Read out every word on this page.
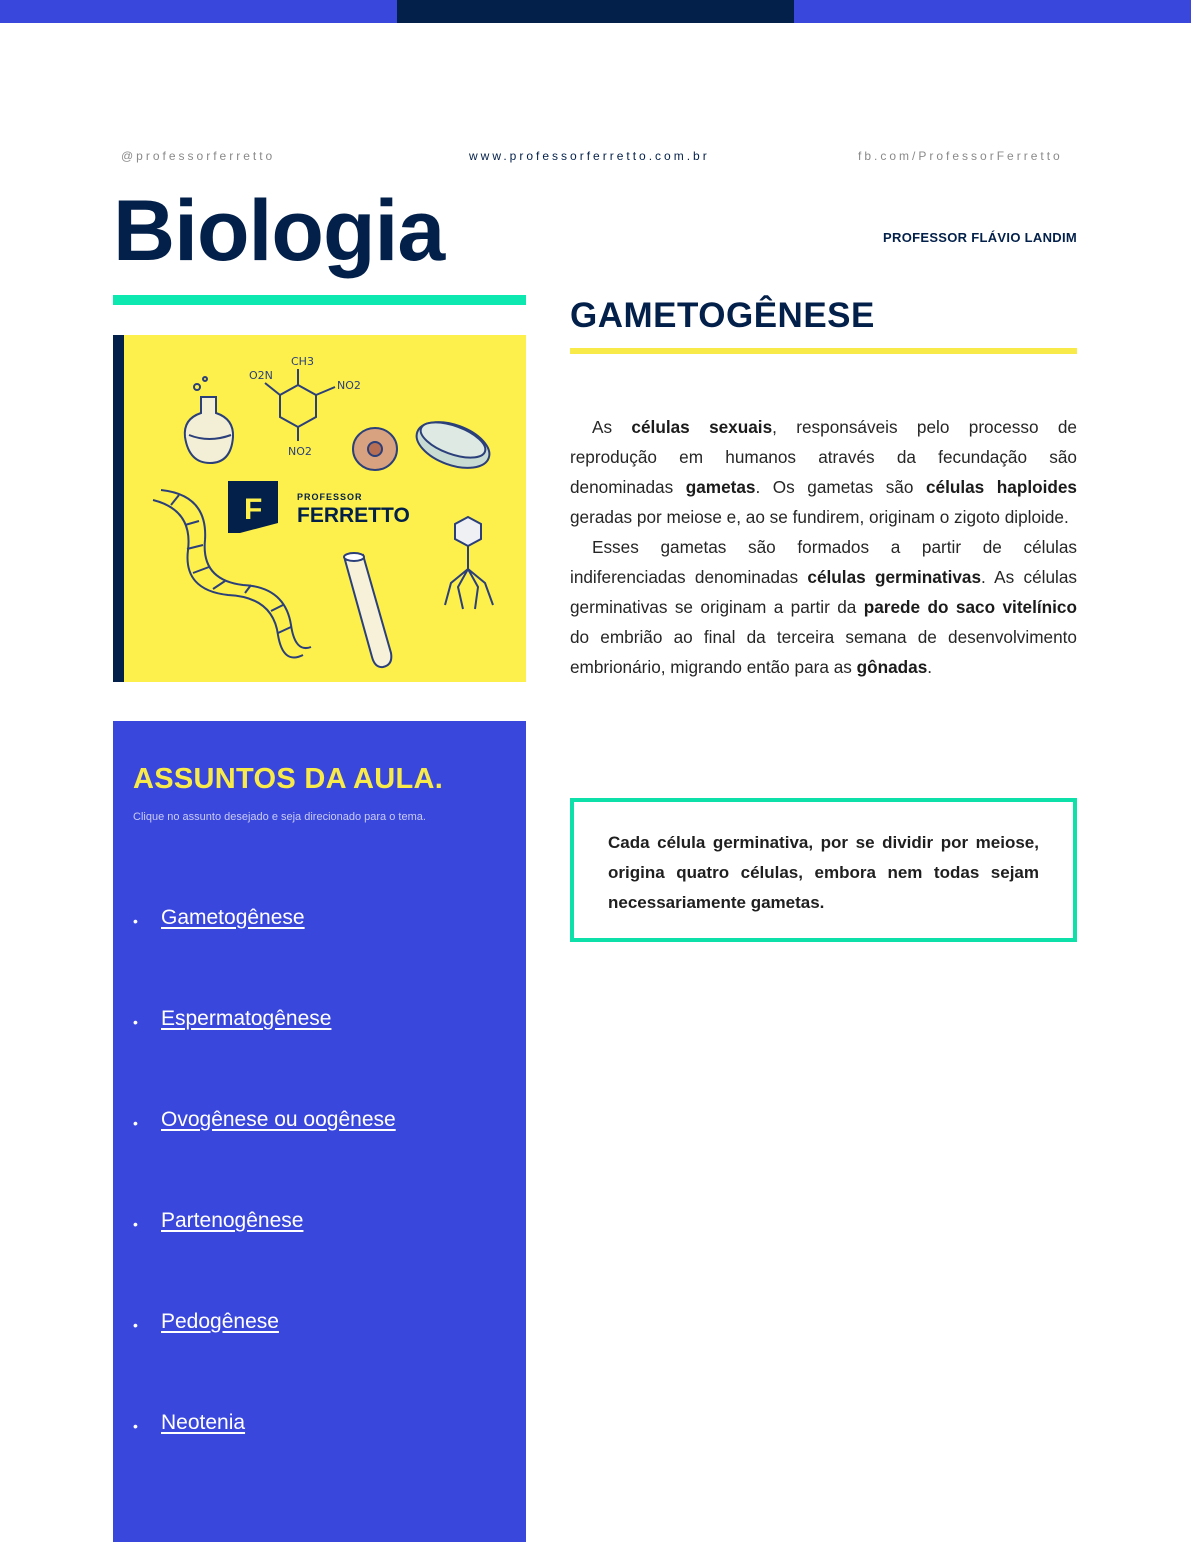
@professorferretto	www.professorferretto.com.br	fb.com/ProfessorFerretto
Biologia	PROFESSOR FLÁVIO LANDIM
CH3
NO2
O2N
NO2
F	PROFESSOR
FERRETTO
GAMETOGÊNESE

As células sexuais, responsáveis pelo processo de reprodução em humanos através da fecundação são denominadas gametas. Os gametas são células haploides geradas por meiose e, ao se fundirem, originam o zigoto diploide.

Esses gametas são formados a partir de células indiferenciadas denominadas células germinativas. As células germinativas se originam a partir da parede do saco vitelínico do embrião ao final da terceira semana de desenvolvimento embrionário, migrando então para as gônadas.

Cada célula germinativa, por se dividir por meiose, origina quatro células, embora nem todas sejam necessariamente gametas.

ASSUNTOS DA AULA.
Clique no assunto desejado e seja direcionado para o tema.
•	Gametogênese
•	Espermatogênese
•	Ovogênese ou oogênese
•	Partenogênese
•	Pedogênese
•	Neotenia
